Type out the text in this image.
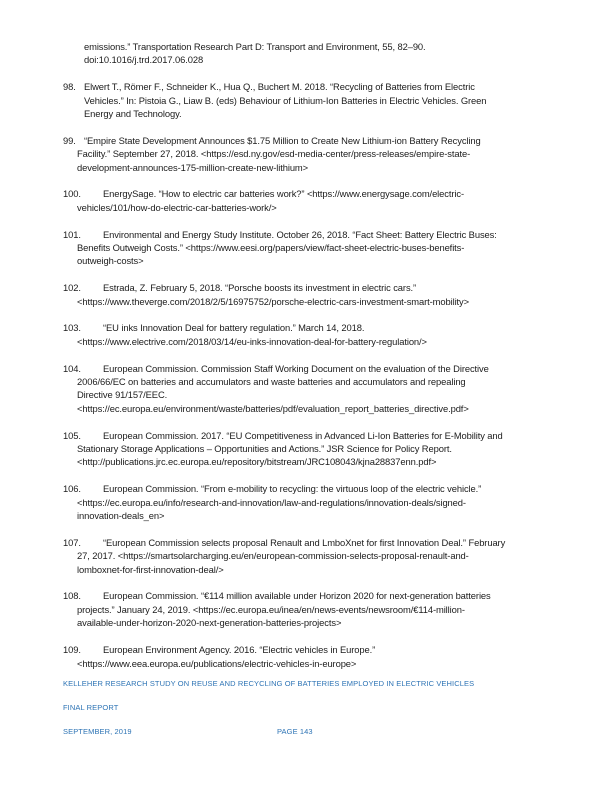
emissions.” Transportation Research Part D: Transport and Environment, 55, 82–90.
doi:10.1016/j.trd.2017.06.028
98. Elwert T., Römer F., Schneider K., Hua Q., Buchert M. 2018. “Recycling of Batteries from Electric
Vehicles.” In: Pistoia G., Liaw B. (eds) Behaviour of Lithium-Ion Batteries in Electric Vehicles. Green
Energy and Technology.
99. “Empire State Development Announces $1.75 Million to Create New Lithium-ion Battery Recycling
Facility.” September 27, 2018. <https://esd.ny.gov/esd-media-center/press-releases/empire-state-
development-announces-175-million-create-new-lithium>
100. EnergySage. “How to electric car batteries work?” <https://www.energysage.com/electric-
vehicles/101/how-do-electric-car-batteries-work/>
101. Environmental and Energy Study Institute. October 26, 2018. “Fact Sheet: Battery Electric Buses:
Benefits Outweigh Costs.” <https://www.eesi.org/papers/view/fact-sheet-electric-buses-benefits-
outweigh-costs>
102. Estrada, Z. February 5, 2018. “Porsche boosts its investment in electric cars.”
<https://www.theverge.com/2018/2/5/16975752/porsche-electric-cars-investment-smart-mobility>
103. “EU inks Innovation Deal for battery regulation.” March 14, 2018.
<https://www.electrive.com/2018/03/14/eu-inks-innovation-deal-for-battery-regulation/>
104. European Commission. Commission Staff Working Document on the evaluation of the Directive
2006/66/EC on batteries and accumulators and waste batteries and accumulators and repealing
Directive 91/157/EEC.
<https://ec.europa.eu/environment/waste/batteries/pdf/evaluation_report_batteries_directive.pdf>
105. European Commission. 2017. “EU Competitiveness in Advanced Li-Ion Batteries for E-Mobility and
Stationary Storage Applications – Opportunities and Actions.” JSR Science for Policy Report.
<http://publications.jrc.ec.europa.eu/repository/bitstream/JRC108043/kjna28837enn.pdf>
106. European Commission. “From e-mobility to recycling: the virtuous loop of the electric vehicle.”
<https://ec.europa.eu/info/research-and-innovation/law-and-regulations/innovation-deals/signed-
innovation-deals_en>
107. “European Commission selects proposal Renault and LmboXnet for first Innovation Deal.” February
27, 2017. <https://smartsolarcharging.eu/en/european-commission-selects-proposal-renault-and-
lomboxnet-for-first-innovation-deal/>
108. European Commission. “€114 million available under Horizon 2020 for next-generation batteries
projects.” January 24, 2019. <https://ec.europa.eu/inea/en/news-events/newsroom/€114-million-
available-under-horizon-2020-next-generation-batteries-projects>
109. European Environment Agency. 2016. “Electric vehicles in Europe.”
<https://www.eea.europa.eu/publications/electric-vehicles-in-europe>
KELLEHER RESEARCH STUDY ON REUSE AND RECYCLING OF BATTERIES EMPLOYED IN ELECTRIC VEHICLES
FINAL REPORT
SEPTEMBER, 2019	PAGE 143
